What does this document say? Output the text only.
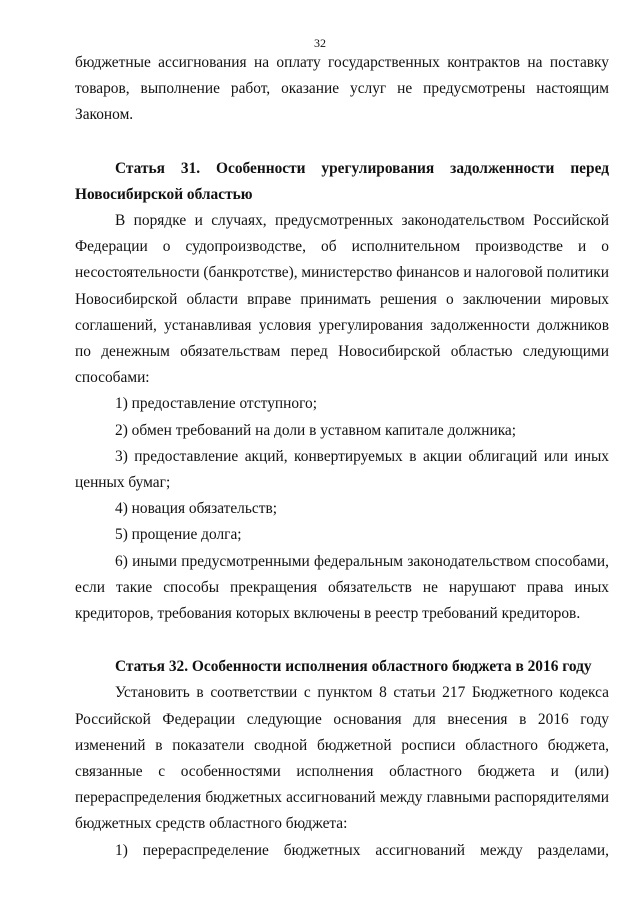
32

бюджетные ассигнования на оплату государственных контрактов на поставку товаров, выполнение работ, оказание услуг не предусмотрены настоящим Законом.

Статья 31. Особенности урегулирования задолженности перед Новосибирской областью

В порядке и случаях, предусмотренных законодательством Российской Федерации о судопроизводстве, об исполнительном производстве и о несостоятельности (банкротстве), министерство финансов и налоговой политики Новосибирской области вправе принимать решения о заключении мировых соглашений, устанавливая условия урегулирования задолженности должников по денежным обязательствам перед Новосибирской областью следующими способами:

1) предоставление отступного;

2) обмен требований на доли в уставном капитале должника;

3) предоставление акций, конвертируемых в акции облигаций или иных ценных бумаг;

4) новация обязательств;

5) прощение долга;

6) иными предусмотренными федеральным законодательством способами, если такие способы прекращения обязательств не нарушают права иных кредиторов, требования которых включены в реестр требований кредиторов.

Статья 32. Особенности исполнения областного бюджета в 2016 году

Установить в соответствии с пунктом 8 статьи 217 Бюджетного кодекса Российской Федерации следующие основания для внесения в 2016 году изменений в показатели сводной бюджетной росписи областного бюджета, связанные с особенностями исполнения областного бюджета и (или) перераспределения бюджетных ассигнований между главными распорядителями бюджетных средств областного бюджета:

1) перераспределение бюджетных ассигнований между разделами,
